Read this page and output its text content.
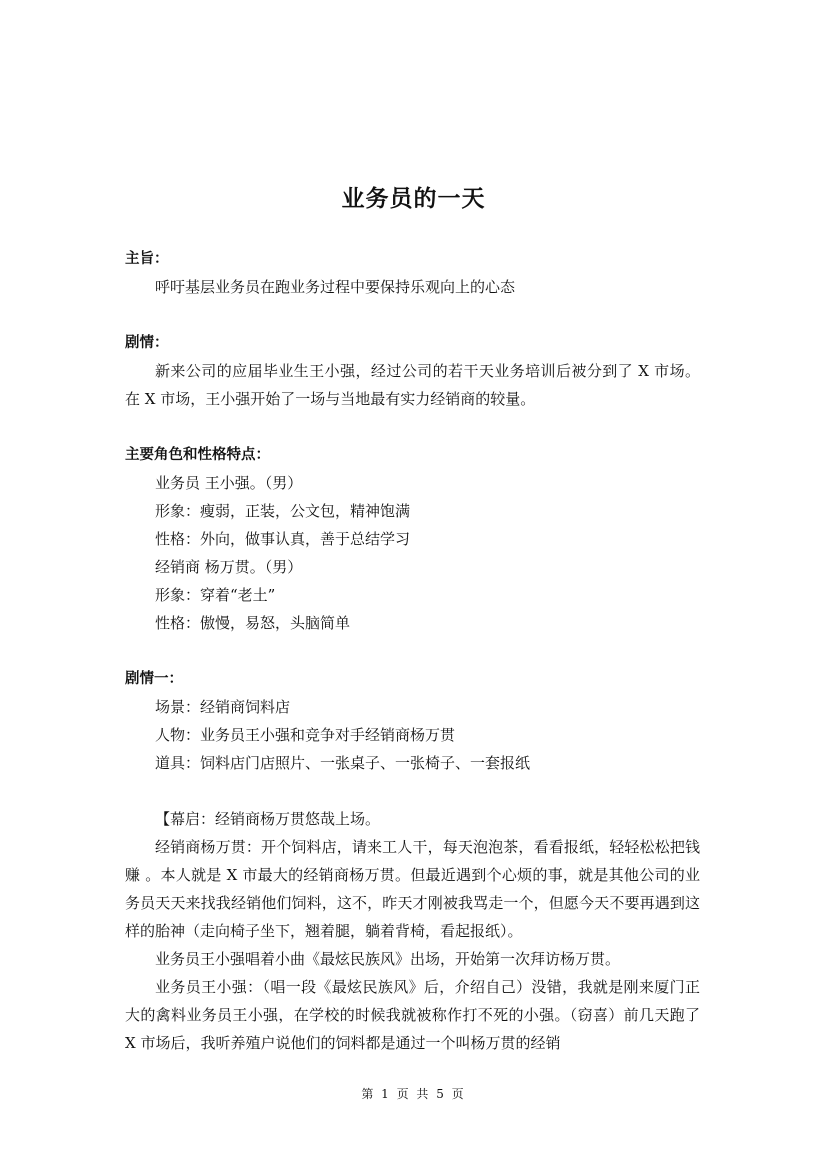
业务员的一天

主旨：

呼吁基层业务员在跑业务过程中要保持乐观向上的心态

剧情：

新来公司的应届毕业生王小强，经过公司的若干天业务培训后被分到了 X 市场。在 X 市场，王小强开始了一场与当地最有实力经销商的较量。

主要角色和性格特点：

业务员 王小强。（男）

形象：瘦弱，正装，公文包，精神饱满

性格：外向，做事认真，善于总结学习

经销商 杨万贯。（男）

形象：穿着“老土”

性格：傲慢，易怒，头脑简单

剧情一：

场景：经销商饲料店

人物：业务员王小强和竞争对手经销商杨万贯

道具：饲料店门店照片、一张桌子、一张椅子、一套报纸

【幕启：经销商杨万贯悠哉上场。

经销商杨万贯：开个饲料店，请来工人干，每天泡泡茶，看看报纸，轻轻松松把钱赚 。本人就是 X 市最大的经销商杨万贯。但最近遇到个心烦的事，就是其他公司的业务员天天来找我经销他们饲料，这不，昨天才刚被我骂走一个，但愿今天不要再遇到这样的胎神（走向椅子坐下，翘着腿，躺着背椅，看起报纸）。

业务员王小强唱着小曲《最炫民族风》出场，开始第一次拜访杨万贯。

业务员王小强：（唱一段《最炫民族风》后，介绍自己）没错，我就是刚来厦门正大的禽料业务员王小强，在学校的时候我就被称作打不死的小强。（窃喜）前几天跑了 X 市场后，我听养殖户说他们的饲料都是通过一个叫杨万贯的经销

第 1 页 共 5 页
